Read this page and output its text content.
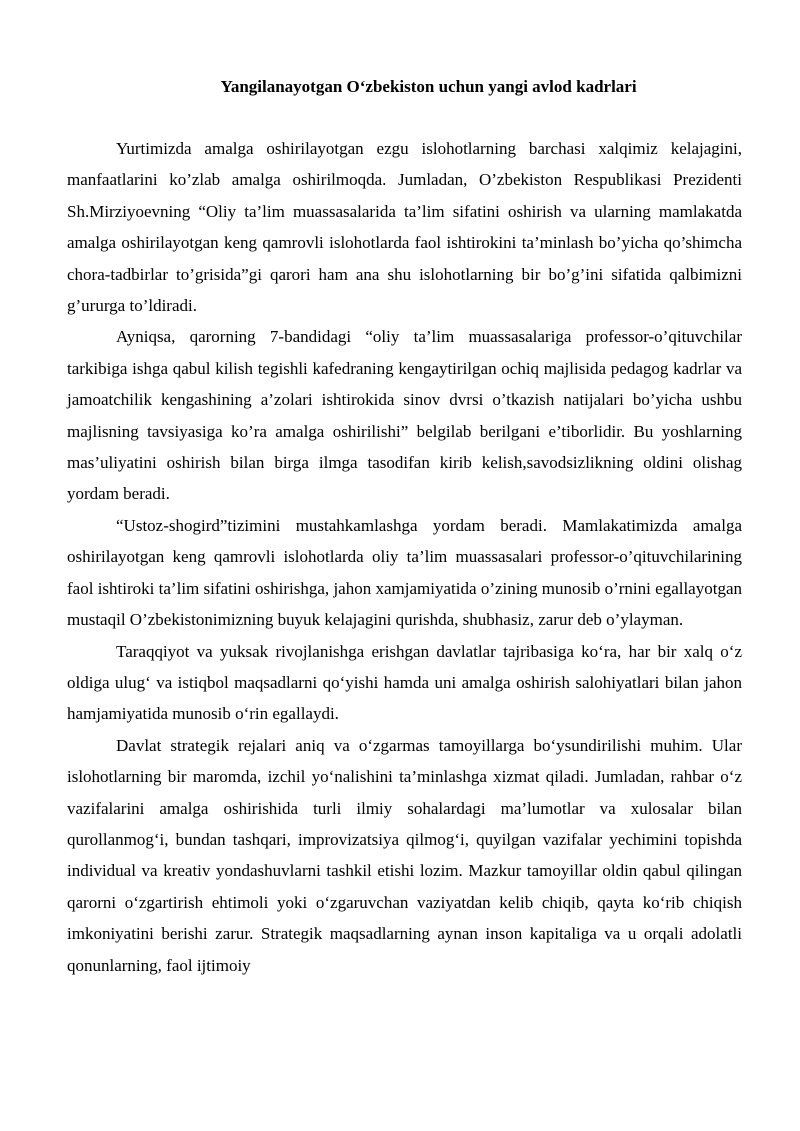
Yangilanayotgan O‘zbekiston uchun yangi avlod kadrlari

Yurtimizda amalga oshirilayotgan ezgu islohotlarning barchasi xalqimiz kelajagini, manfaatlarini ko’zlab amalga oshirilmoqda. Jumladan, O’zbekiston Respublikasi Prezidenti Sh.Mirziyoevning “Oliy ta’lim muassasalarida ta’lim sifatini oshirish va ularning mamlakatda amalga oshirilayotgan keng qamrovli islohotlarda faol ishtirokini ta’minlash bo’yicha qo’shimcha chora-tadbirlar to’grisida”gi qarori ham ana shu islohotlarning bir bo’g’ini sifatida qalbimizni g’ururga to’ldiradi.

Ayniqsa, qarorning 7-bandidagi “oliy ta’lim muassasalariga professor-o’qituvchilar tarkibiga ishga qabul kilish tegishli kafedraning kengaytirilgan ochiq majlisida pedagog kadrlar va jamoatchilik kengashining a’zolari ishtirokida sinov dvrsi o’tkazish natijalari bo’yicha ushbu majlisning tavsiyasiga ko’ra amalga oshirilishi” belgilab berilgani e’tiborlidir. Bu yoshlarning mas’uliyatini oshirish bilan birga ilmga tasodifan kirib kelish,savodsizlikning oldini olishag yordam beradi.

“Ustoz-shogird”tizimini mustahkamlashga yordam beradi. Mamlakatimizda amalga oshirilayotgan keng qamrovli islohotlarda oliy ta’lim muassasalari professor-o’qituvchilarining faol ishtiroki ta’lim sifatini oshirishga, jahon xamjamiyatida o’zining munosib o’rnini egallayotgan mustaqil O’zbekistonimizning buyuk kelajagini qurishda, shubhasiz, zarur deb o’ylayman.

Taraqqiyot va yuksak rivojlanishga erishgan davlatlar tajribasiga ko‘ra, har bir xalq o‘z oldiga ulug‘ va istiqbol maqsadlarni qo‘yishi hamda uni amalga oshirish salohiyatlari bilan jahon hamjamiyatida munosib o‘rin egallaydi.

Davlat strategik rejalari aniq va o‘zgarmas tamoyillarga bo‘ysundirilishi muhim. Ular islohotlarning bir maromda, izchil yo‘nalishini ta’minlashga xizmat qiladi. Jumladan, rahbar o‘z vazifalarini amalga oshirishida turli ilmiy sohalardagi ma’lumotlar va xulosalar bilan qurollanmog‘i, bundan tashqari, improvizatsiya qilmog‘i, quyilgan vazifalar yechimini topishda individual va kreativ yondashuvlarni tashkil etishi lozim. Mazkur tamoyillar oldin qabul qilingan qarorni o‘zgartirish ehtimoli yoki o‘zgaruvchan vaziyatdan kelib chiqib, qayta ko‘rib chiqish imkoniyatini berishi zarur. Strategik maqsadlarning aynan inson kapitaliga va u orqali adolatli qonunlarning, faol ijtimoiy
